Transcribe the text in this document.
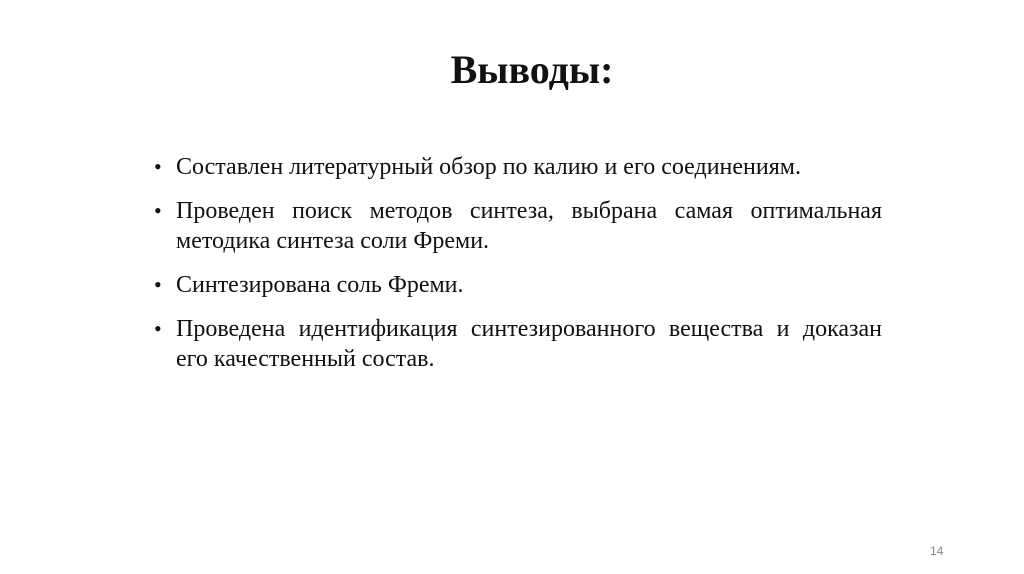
Выводы:
• Составлен литературный обзор по калию и его соединениям.
• Проведен поиск методов синтеза, выбрана самая оптимальная методика синтеза соли Фреми.
• Синтезирована соль Фреми.
• Проведена идентификация синтезированного вещества и доказан его качественный состав.
14
